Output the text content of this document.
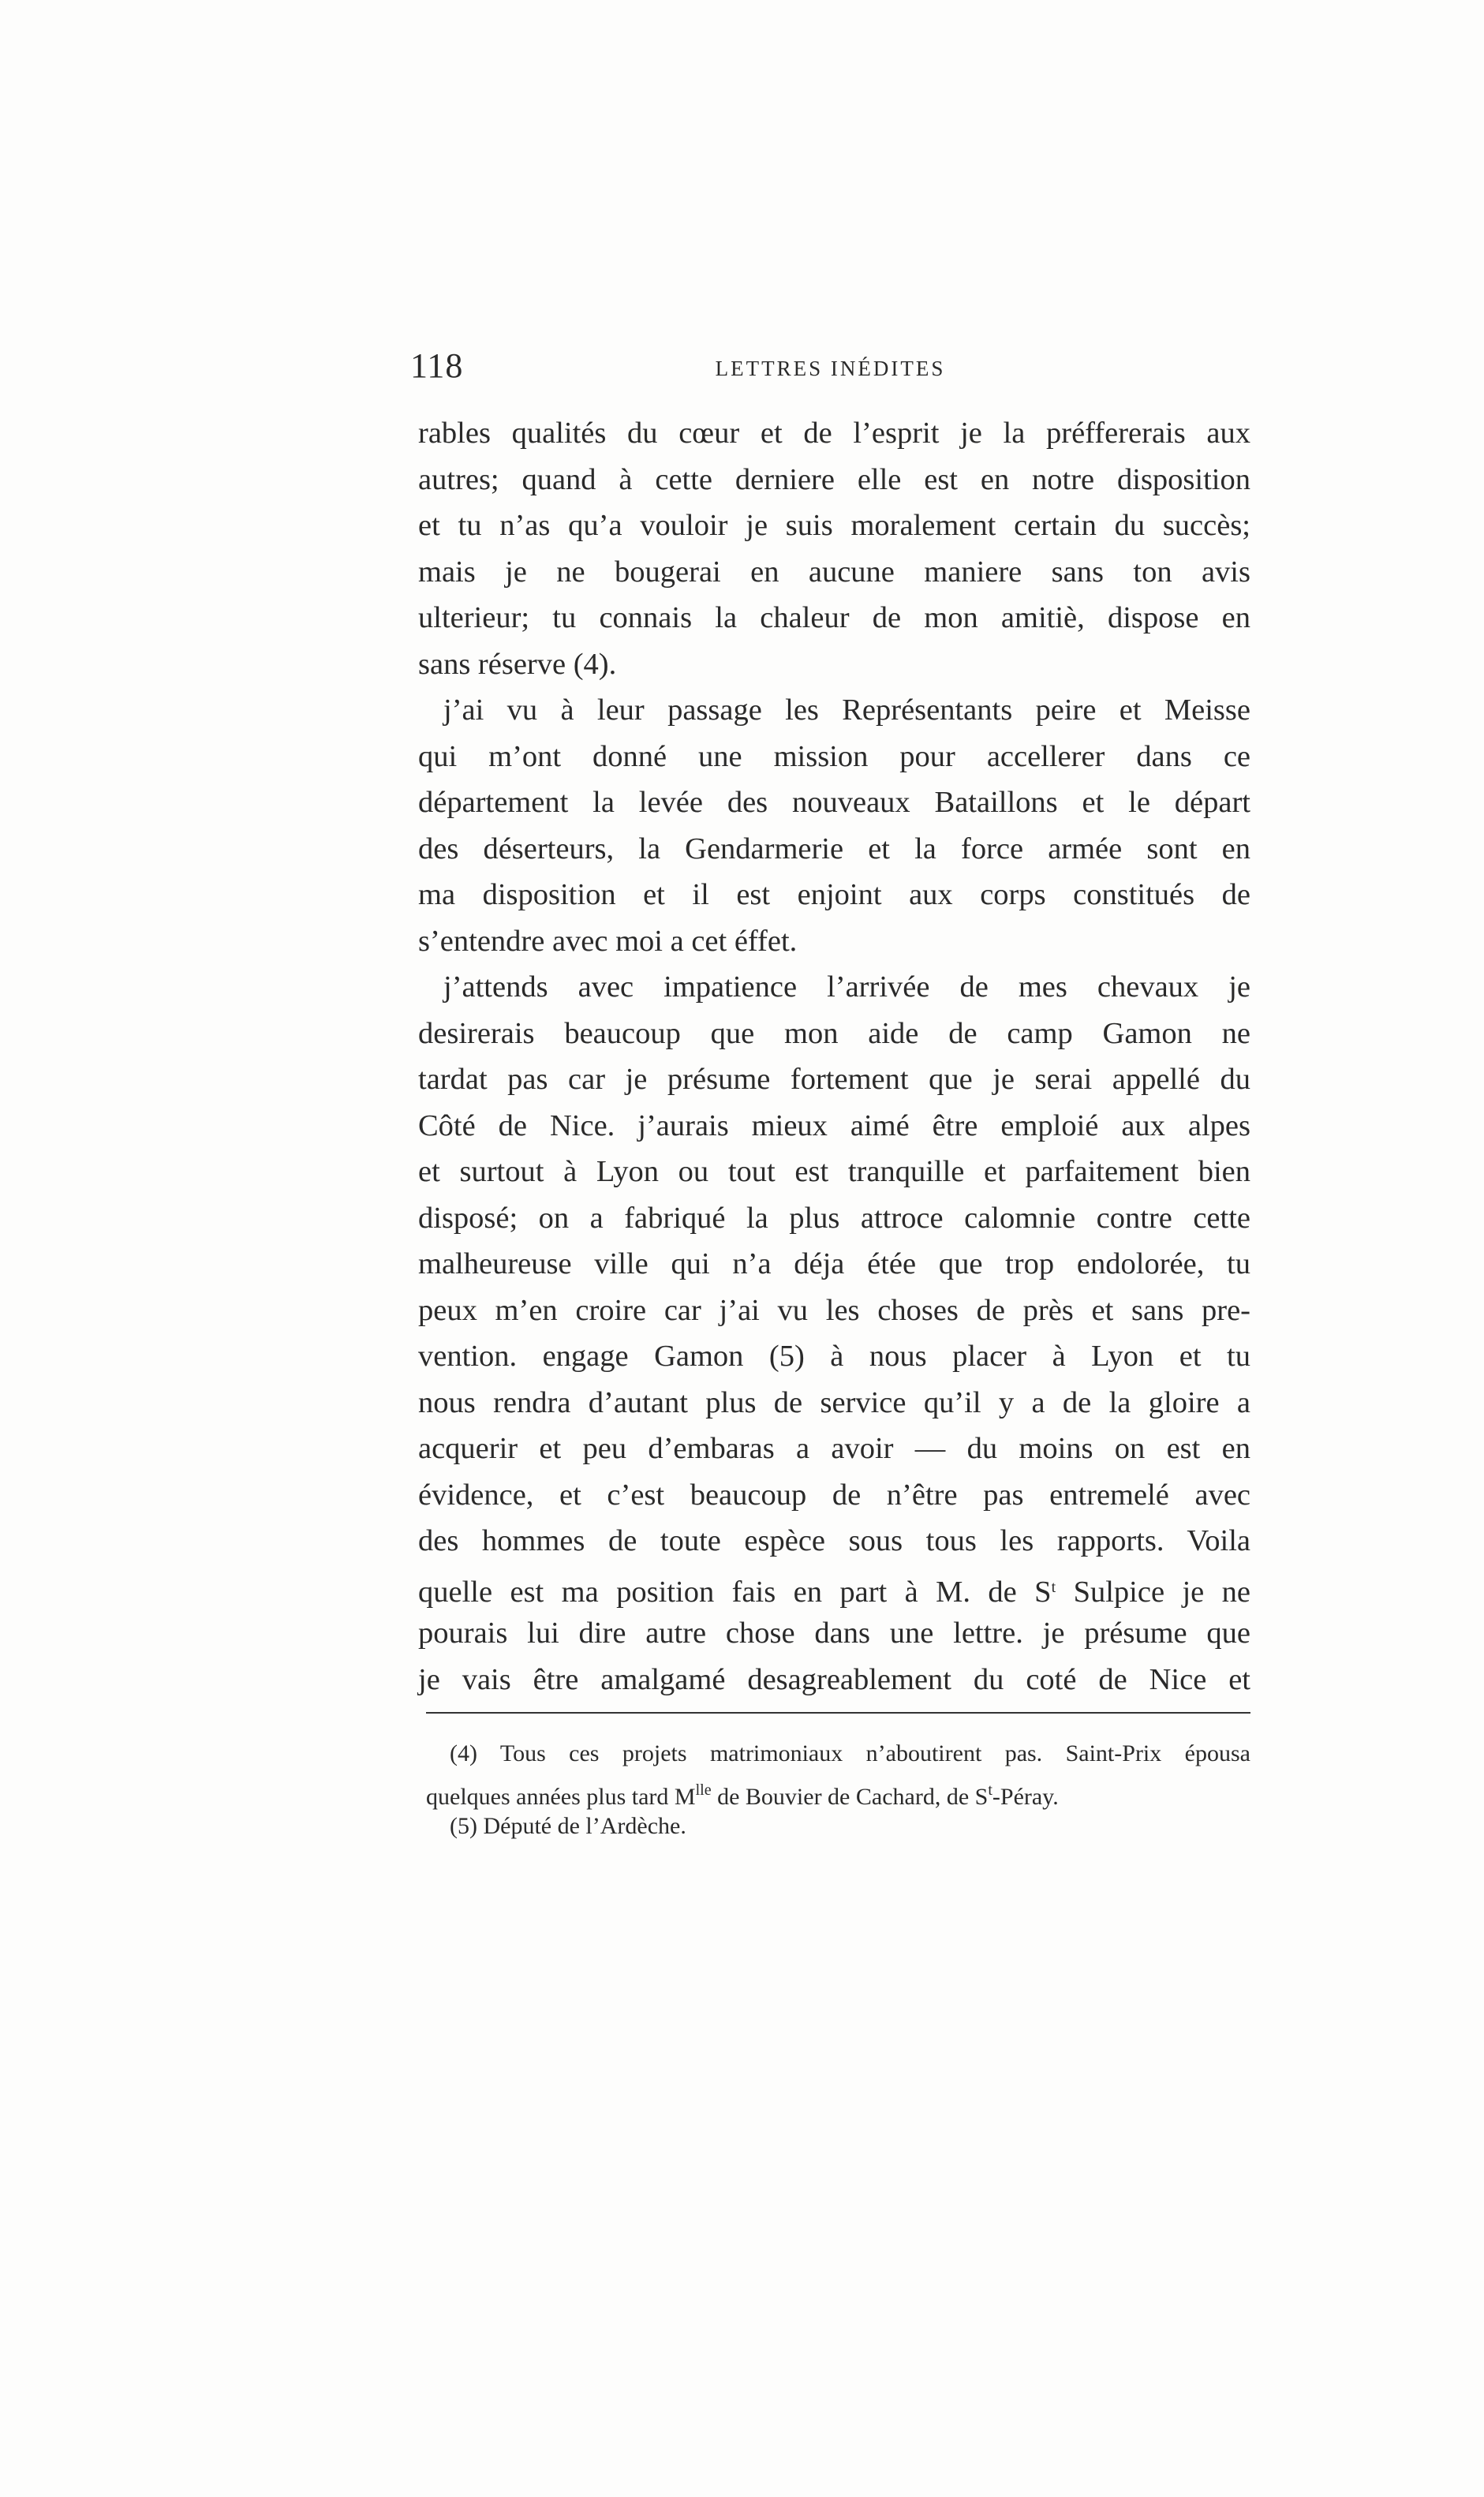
118	LETTRES INÉDITES
rables qualités du cœur et de l’esprit je la préffererais aux
autres; quand à cette derniere elle est en notre disposition
et tu n’as qu’a vouloir je suis moralement certain du succès;
mais je ne bougerai en aucune maniere sans ton avis
ulterieur; tu connais la chaleur de mon amitiè, dispose en
sans réserve (4).
j’ai vu à leur passage les Représentants peire et Meisse
qui m’ont donné une mission pour accellerer dans ce
département la levée des nouveaux Bataillons et le départ
des déserteurs, la Gendarmerie et la force armée sont en
ma disposition et il est enjoint aux corps constitués de
s’entendre avec moi a cet éffet.
j’attends avec impatience l’arrivée de mes chevaux je
desirerais beaucoup que mon aide de camp Gamon ne
tardat pas car je présume fortement que je serai appellé du
Côté de Nice. j’aurais mieux aimé être emploié aux alpes
et surtout à Lyon ou tout est tranquille et parfaitement bien
disposé; on a fabriqué la plus attroce calomnie contre cette
malheureuse ville qui n’a déja étée que trop endolorée, tu
peux m’en croire car j’ai vu les choses de près et sans pre-
vention. engage Gamon (5) à nous placer à Lyon et tu
nous rendra d’autant plus de service qu’il y a de la gloire a
acquerir et peu d’embaras a avoir — du moins on est en
évidence, et c’est beaucoup de n’être pas entremelé avec
des hommes de toute espèce sous tous les rapports. Voila
quelle est ma position fais en part à M. de $S^t$ Sulpice je ne
pourais lui dire autre chose dans une lettre. je présume que
je vais être amalgamé desagreablement du coté de Nice et
(4) Tous ces projets matrimoniaux n’aboutirent pas. Saint-Prix épousa
quelques années plus tard $M^{lle}$ de Bouvier de Cachard, de $S^t$-Péray.
(5) Député de l’Ardèche.
